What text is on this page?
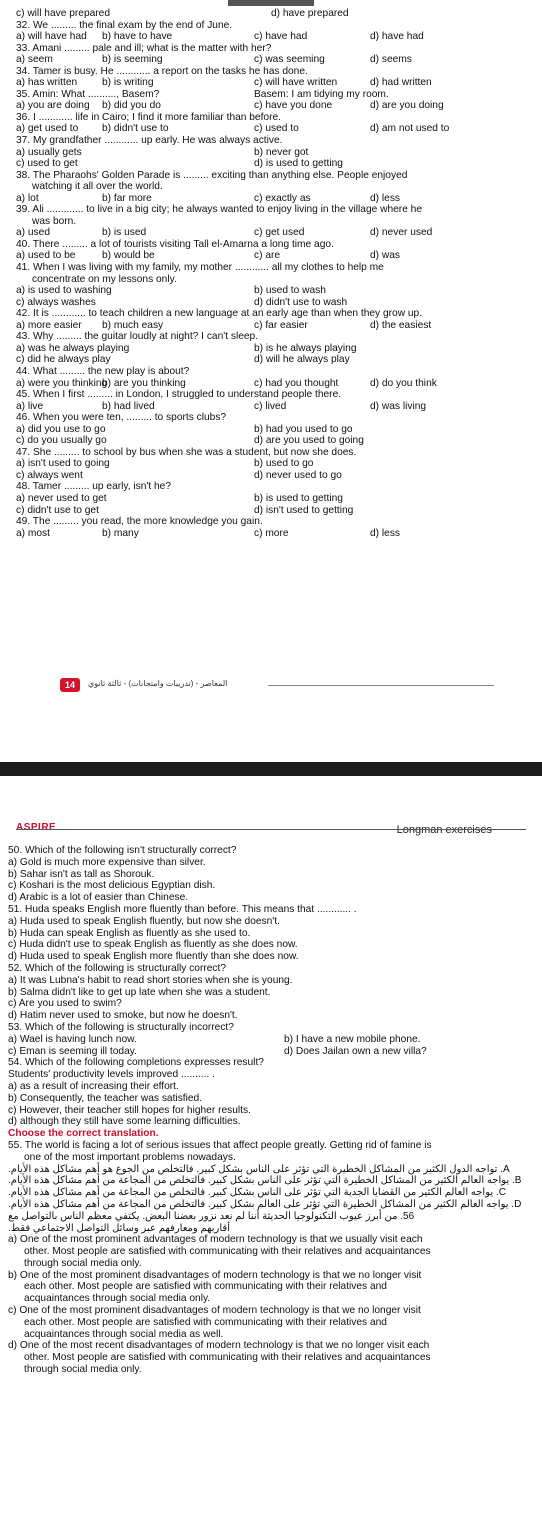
c) will have prepared	d) have prepared
32. We ......... the final exam by the end of June.
a) will have had b) have to have	c) have had	d) have had
33. Amani ......... pale and ill; what is the matter with her?
a) seem	b) is seeming	c) was seeming	d) seems
34. Tamer is busy. He ............ a report on the tasks he has done.
a) has written b) is writing	c) will have written	d) had written
35. Amin: What .........., Basem?	Basem: I am tidying my room.
a) you are doing b) did you do	c) have you done	d) are you doing
36. I ............ life in Cairo; I find it more familiar than before.
a) get used to b) didn't use to	c) used to	d) am not used to
37. My grandfather ............ up early. He was always active.
a) usually gets	b) never got
c) used to get	d) is used to getting
38. The Pharaohs' Golden Parade is ......... exciting than anything else. People enjoyed
watching it all over the world.
a) lot	b) far more	c) exactly as	d) less
39. Ali ............. to live in a big city; he always wanted to enjoy living in the village where he
was born.
a) used	b) is used	c) get used	d) never used
40. There ......... a lot of tourists visiting Tall el-Amarna a long time ago.
a) used to be	b) would be	c) are	d) was
41. When I was living with my family, my mother ............ all my clothes to help me
concentrate on my lessons only.
a) is used to washing	b) used to wash
c) always washes	d) didn't use to wash
42. It is ............ to teach children a new language at an early age than when they grow up.
a) more easier b) much easy	c) far easier	d) the easiest
43. Why ......... the guitar loudly at night? I can't sleep.
a) was he always playing	b) is he always playing
c) did he always play	d) will he always play
44. What ......... the new play is about?
a) were you thinking
b) are you thinking	c) had you thought	d) do you think
45. When I first ......... in London, I struggled to understand people there.
a) live	b) had lived	c) lived	d) was living
46. When you were ten, ......... to sports clubs?
a) did you use to go	b) had you used to go
c) do you usually go	d) are you used to going
47. She ......... to school by bus when she was a student, but now she does.
a) isn't used to going	b) used to go
c) always went	d) never used to go
48. Tamer ......... up early, isn't he?
a) never used to get	b) is used to getting
c) didn't use to get	d) isn't used to getting
49. The ......... you read, the more knowledge you gain.
a) most	b) many	c) more	d) less
14	المعاصر - (تدريبات وامتحانات) - ثالثة ثانوي
ASPIRE	Longman exercises
50. Which of the following isn't structurally correct?
a) Gold is much more expensive than silver.
b) Sahar isn't as tall as Shorouk.
c) Koshari is the most delicious Egyptian dish.
d) Arabic is a lot of easier than Chinese.
51. Huda speaks English more fluently than before. This means that ............ .
a) Huda used to speak English fluently, but now she doesn't.
b) Huda can speak English as fluently as she used to.
c) Huda didn't use to speak English as fluently as she does now.
d) Huda used to speak English more fluently than she does now.
52. Which of the following is structurally correct?
a) It was Lubna's habit to read short stories when she is young.
b) Salma didn't like to get up late when she was a student.
c) Are you used to swim?
d) Hatim never used to smoke, but now he doesn't.
53. Which of the following is structurally incorrect?
a) Wael is having lunch now.	b) I have a new mobile phone.
c) Eman is seeming ill today.	d) Does Jailan own a new villa?
54. Which of the following completions expresses result?
Students' productivity levels improved .......... .
a) as a result of increasing their effort.
b) Consequently, the teacher was satisfied.
c) However, their teacher still hopes for higher results.
d) although they still have some learning difficulties.
Choose the correct translation.
55. The world is facing a lot of serious issues that affect people greatly. Getting rid of famine is
one of the most important problems nowadays.
A. تواجه الدول الكثير من المشاكل الخطيرة التي تؤثر على الناس بشكل كبير. فالتخلص من الجوع هو أهم مشاكل هذه الأيام.
B. يواجه العالم الكثير من المشاكل الخطيرة التي تؤثر على الناس بشكل كبير. فالتخلص من المجاعة من أهم مشاكل هذه الأيام.
C. يواجه العالم الكثير من القضايا الجدية التي تؤثر على الناس بشكل كبير. فالتخلص من المجاعة من أهم مشاكل هذه الأيام.
D. يواجه العالم الكثير من المشاكل الخطيرة التي تؤثر على العالم بشكل كبير. فالتخلص من المجاعة من أهم مشاكل هذه الأيام.
56. من أبرز عيوب التكنولوجيا الحديثة أننا لم نعد نزور بعضنا البعض. يكتفي معظم الناس بالتواصل مع
أقاربهم ومعارفهم عبر وسائل التواصل الاجتماعي فقط.
a) One of the most prominent advantages of modern technology is that we usually visit each
other. Most people are satisfied with communicating with their relatives and acquaintances
through social media only.
b) One of the most prominent disadvantages of modern technology is that we no longer visit
each other. Most people are satisfied with communicating with their relatives and
acquaintances through social media only.
c) One of the most prominent disadvantages of modern technology is that we no longer visit
each other. Most people are satisfied with communicating with their relatives and
acquaintances through social media as well.
d) One of the most recent disadvantages of modern technology is that we no longer visit each
other. Most people are satisfied with communicating with their relatives and acquaintances
through social media only.
